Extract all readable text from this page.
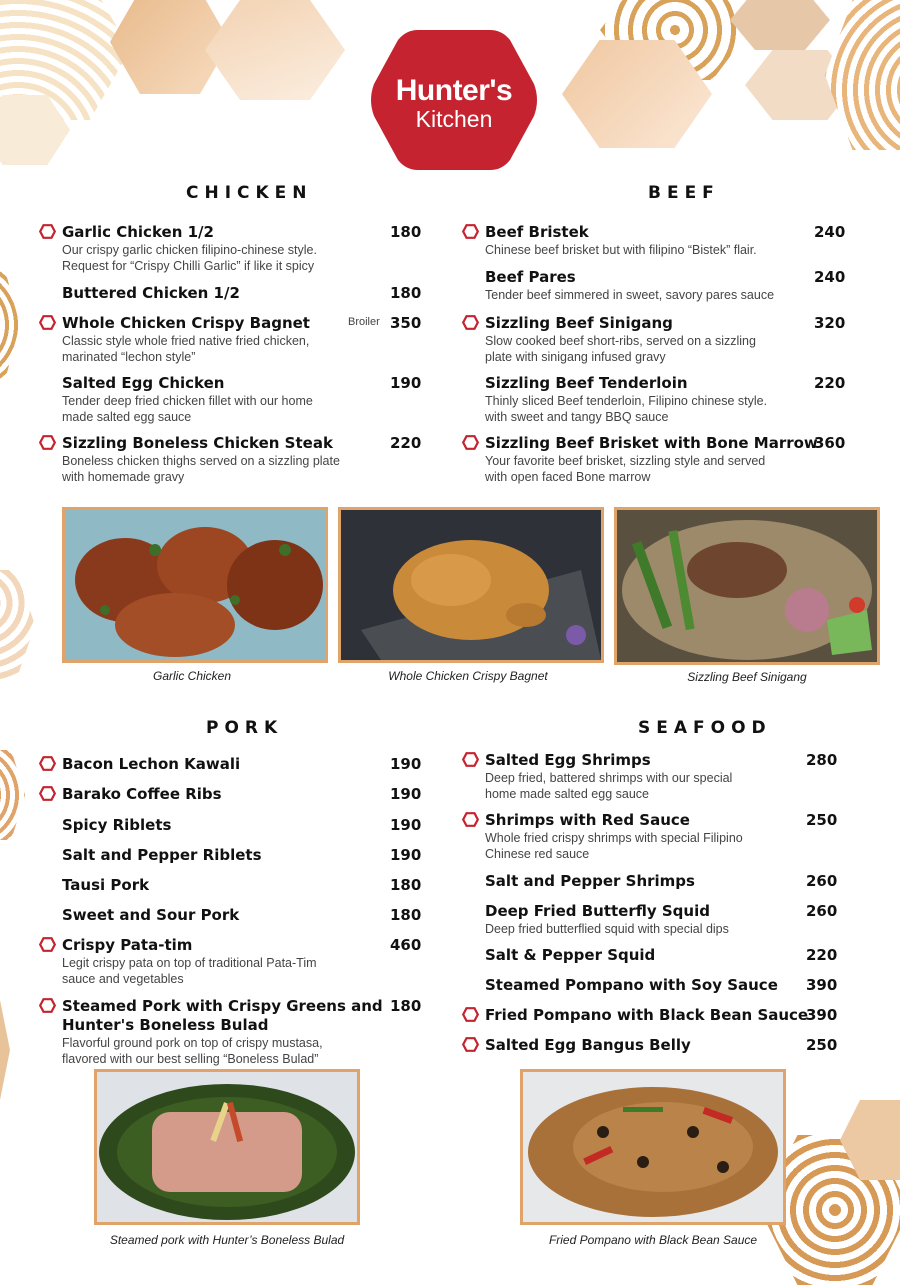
Hunter's
Kitchen
CHICKEN	BEEF
PORK	SEAFOOD
Garlic Chicken 1/2
Our crispy garlic chicken filipino-chinese style.
Request for “Crispy Chilli Garlic” if like it spicy
180
Buttered Chicken 1/2	180
Whole Chicken Crispy Bagnet
Classic style whole fried native fried chicken,
marinated “lechon style”
350
Broiler
Salted Egg Chicken
Tender deep fried chicken fillet with our home
made salted egg sauce
190
Sizzling Boneless Chicken Steak
Boneless chicken thighs served on a sizzling plate
with homemade gravy
220
Beef Bristek
Chinese beef brisket but with filipino “Bistek” flair.
240
Beef Pares
Tender beef simmered in sweet, savory pares sauce
240
Sizzling Beef Sinigang
Slow cooked beef short-ribs, served on a sizzling
plate with sinigang infused gravy
320
Sizzling Beef Tenderloin
Thinly sliced Beef tenderloin, Filipino chinese style.
with sweet and tangy BBQ sauce
220
Sizzling Beef Brisket with Bone Marrow
Your favorite beef brisket, sizzling style and served
with open faced Bone marrow
360
Bacon Lechon Kawali	190
Barako Coffee Ribs	190
Spicy Riblets	190
Salt and Pepper Riblets	190
Tausi Pork	180
Sweet and Sour Pork	180
Crispy Pata-tim
Legit crispy pata on top of traditional Pata-Tim
sauce and vegetables
460
Steamed Pork with Crispy Greens and
Hunter's Boneless Bulad
Flavorful ground pork on top of crispy mustasa,
flavored with our best selling “Boneless Bulad”
180
Salted Egg Shrimps
Deep fried, battered shrimps with our special
home made salted egg sauce
280
Shrimps with Red Sauce
Whole fried crispy shrimps with special Filipino
Chinese red sauce
250
Salt and Pepper Shrimps	260
Deep Fried Butterfly Squid
Deep fried butterflied squid with special dips
260
Salt & Pepper Squid	220
Steamed Pompano with Soy Sauce	390
Fried Pompano with Black Bean Sauce
390
Salted Egg Bangus Belly	250
Garlic Chicken	Whole Chicken Crispy Bagnet	Sizzling Beef Sinigang
Steamed pork with Hunter’s Boneless Bulad	Fried Pompano with Black Bean Sauce
